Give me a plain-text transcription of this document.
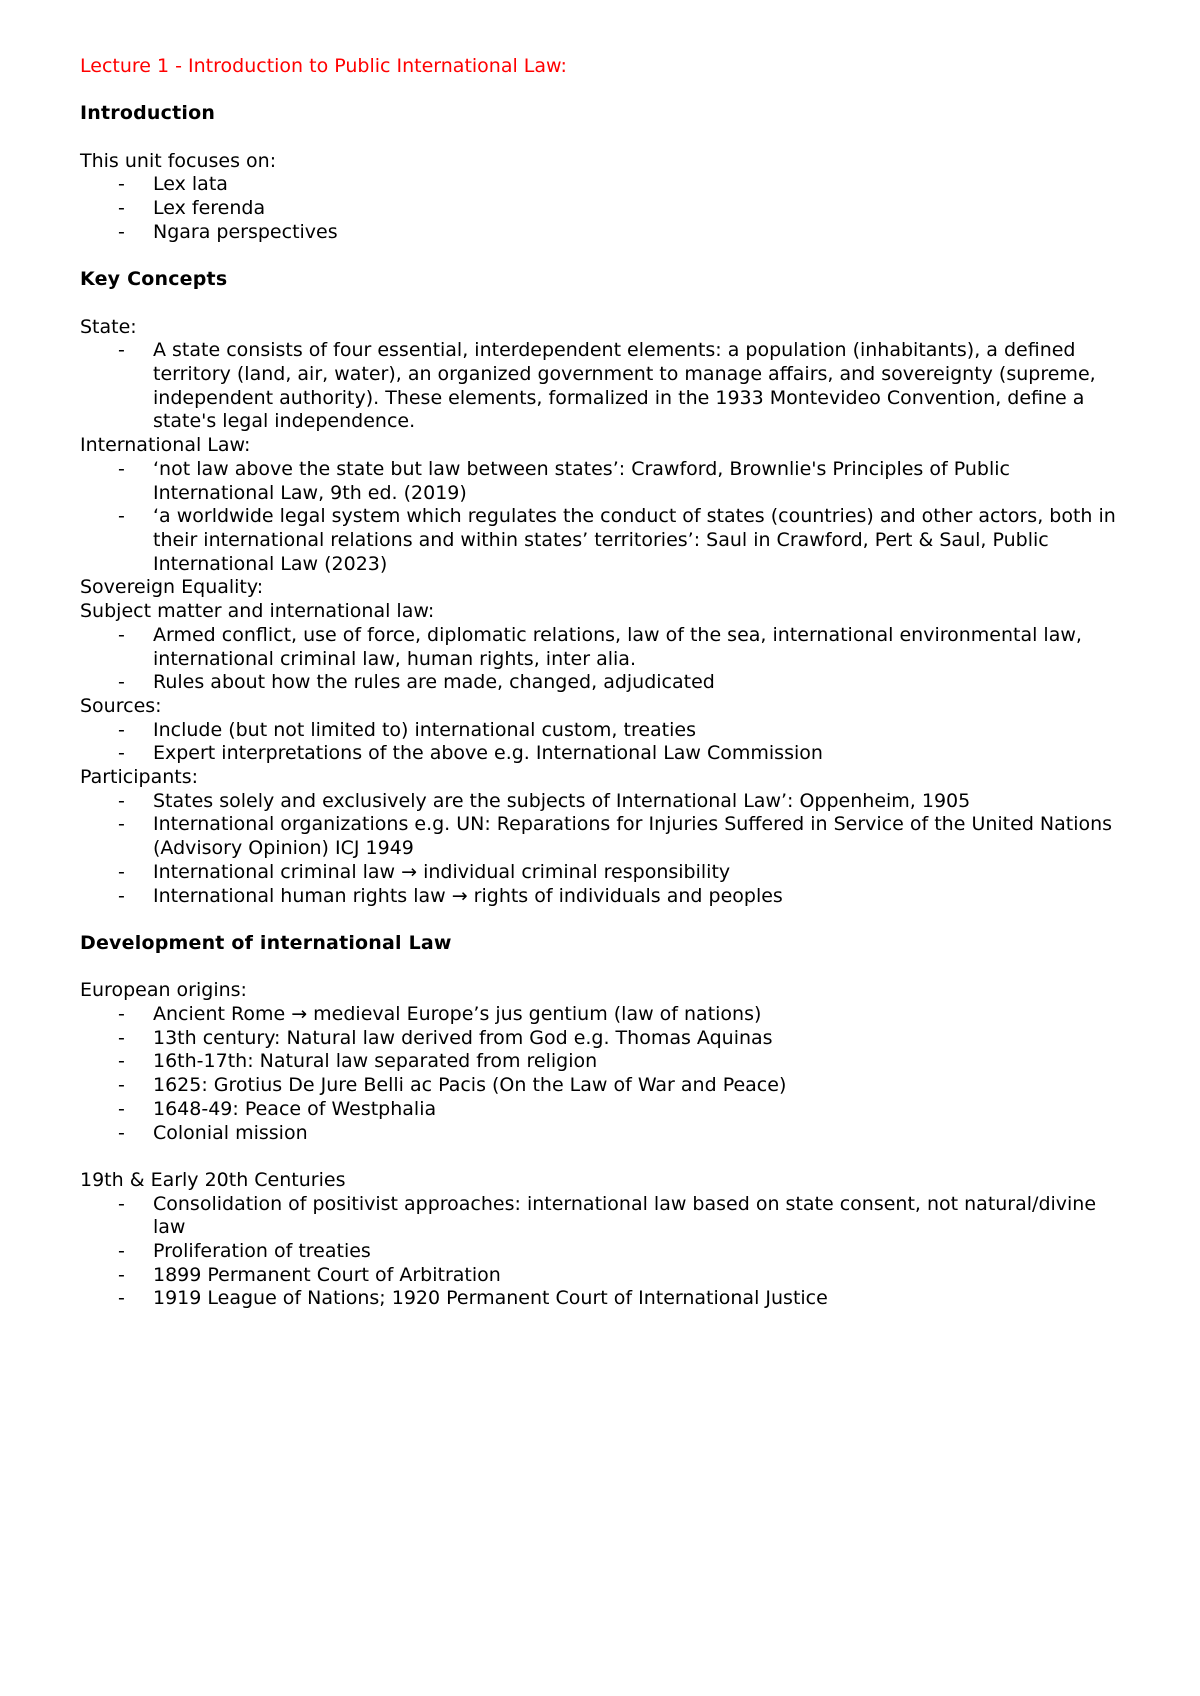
Lecture 1 - Introduction to Public International Law:

Introduction

This unit focuses on:

- Lex lata
- Lex ferenda
- Ngara perspectives

Key Concepts

State:

- A state consists of four essential, interdependent elements: a population (inhabitants), a defined territory (land, air, water), an organized government to manage affairs, and sovereignty (supreme, independent authority). These elements, formalized in the 1933 Montevideo Convention, define a state's legal independence.

International Law:

- ‘not law above the state but law between states’: Crawford, Brownlie's Principles of Public International Law, 9th ed. (2019)
- ‘a worldwide legal system which regulates the conduct of states (countries) and other actors, both in their international relations and within states’ territories’: Saul in Crawford, Pert & Saul, Public International Law (2023)

Sovereign Equality:

Subject matter and international law:

- Armed conflict, use of force, diplomatic relations, law of the sea, international environmental law, international criminal law, human rights, inter alia.
- Rules about how the rules are made, changed, adjudicated

Sources:

- Include (but not limited to) international custom, treaties
- Expert interpretations of the above e.g. International Law Commission

Participants:

- States solely and exclusively are the subjects of International Law’: Oppenheim, 1905
- International organizations e.g. UN: Reparations for Injuries Suffered in Service of the United Nations (Advisory Opinion) ICJ 1949
- International criminal law → individual criminal responsibility
- International human rights law → rights of individuals and peoples

Development of international Law

European origins:

- Ancient Rome → medieval Europe’s jus gentium (law of nations)
- 13th century: Natural law derived from God e.g. Thomas Aquinas
- 16th-17th: Natural law separated from religion
- 1625: Grotius De Jure Belli ac Pacis (On the Law of War and Peace)
- 1648-49: Peace of Westphalia
- Colonial mission

19th & Early 20th Centuries

- Consolidation of positivist approaches: international law based on state consent, not natural/divine law
- Proliferation of treaties
- 1899 Permanent Court of Arbitration
- 1919 League of Nations; 1920 Permanent Court of International Justice
